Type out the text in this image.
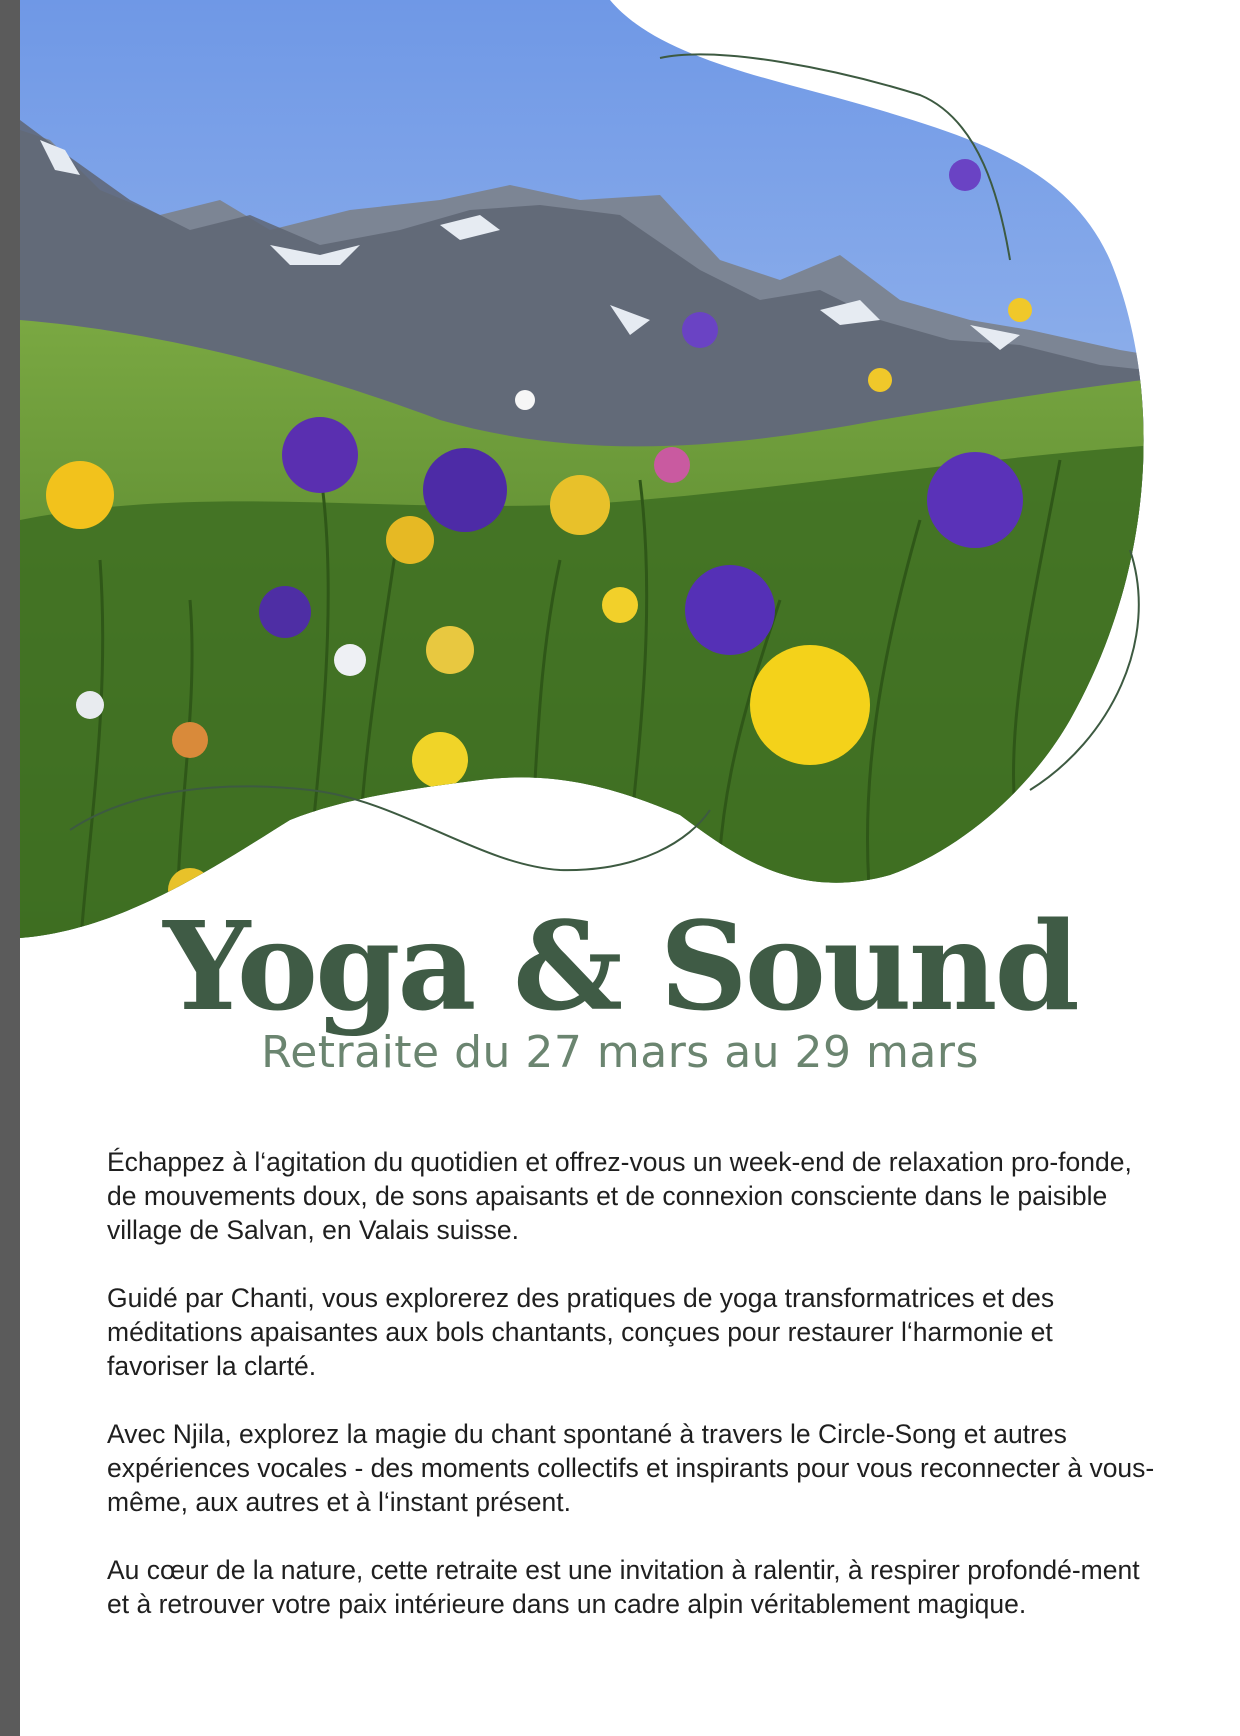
Yoga & Sound
Retraite du 27 mars au 29 mars

Échappez à l‘agitation du quotidien et offrez-vous un week-end de relaxation pro-fonde, de mouvements doux, de sons apaisants et de connexion consciente dans le paisible village de Salvan, en Valais suisse.

Guidé par Chanti, vous explorerez des pratiques de yoga transformatrices et des méditations apaisantes aux bols chantants, conçues pour restaurer l‘harmonie et favoriser la clarté.

Avec Njila, explorez la magie du chant spontané à travers le Circle-Song et autres expériences vocales - des moments collectifs et inspirants pour vous reconnecter à vous-même, aux autres et à l‘instant présent.

Au cœur de la nature, cette retraite est une invitation à ralentir, à respirer profondé-ment et à retrouver votre paix intérieure dans un cadre alpin véritablement magique.
